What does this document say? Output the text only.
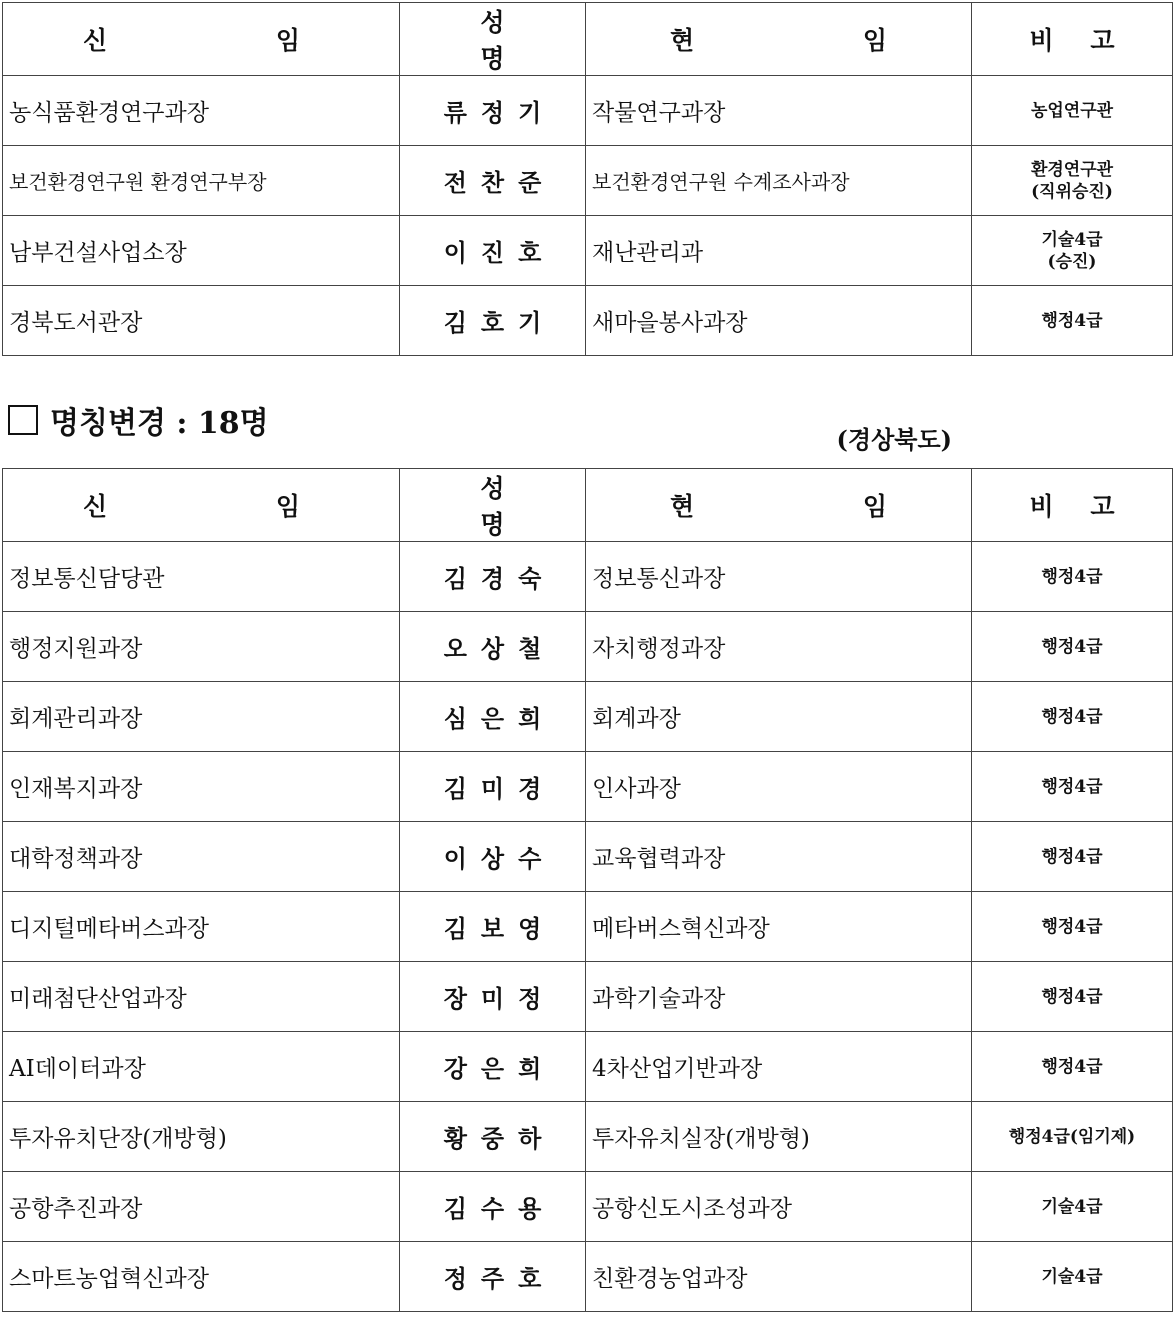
신 임	성 명	현 임	비 고
농식품환경연구과장	류정기	작물연구과장	농업연구관

보건환경연구원 환경연구부장	전찬준	보건환경연구원 수계조사과장	환경연구관
(직위승진)

남부건설사업소장	이진호	재난관리과	기술4급
(승진)

경북도서관장	김호기	새마을봉사과장	행정4급
명칭변경 : 18명	(경상북도)
신 임	성 명	현 임	비 고
정보통신담당관	김경숙	정보통신과장	행정4급
행정지원과장	오상철	자치행정과장	행정4급
회계관리과장	심은희	회계과장	행정4급
인재복지과장	김미경	인사과장	행정4급
대학정책과장	이상수	교육협력과장	행정4급
디지털메타버스과장	김보영	메타버스혁신과장	행정4급
미래첨단산업과장	장미정	과학기술과장	행정4급
AI데이터과장	강은희	4차산업기반과장	행정4급
투자유치단장(개방형)	황중하	투자유치실장(개방형)	행정4급(임기제)
공항추진과장	김수용	공항신도시조성과장	기술4급
스마트농업혁신과장	정주호	친환경농업과장	기술4급
